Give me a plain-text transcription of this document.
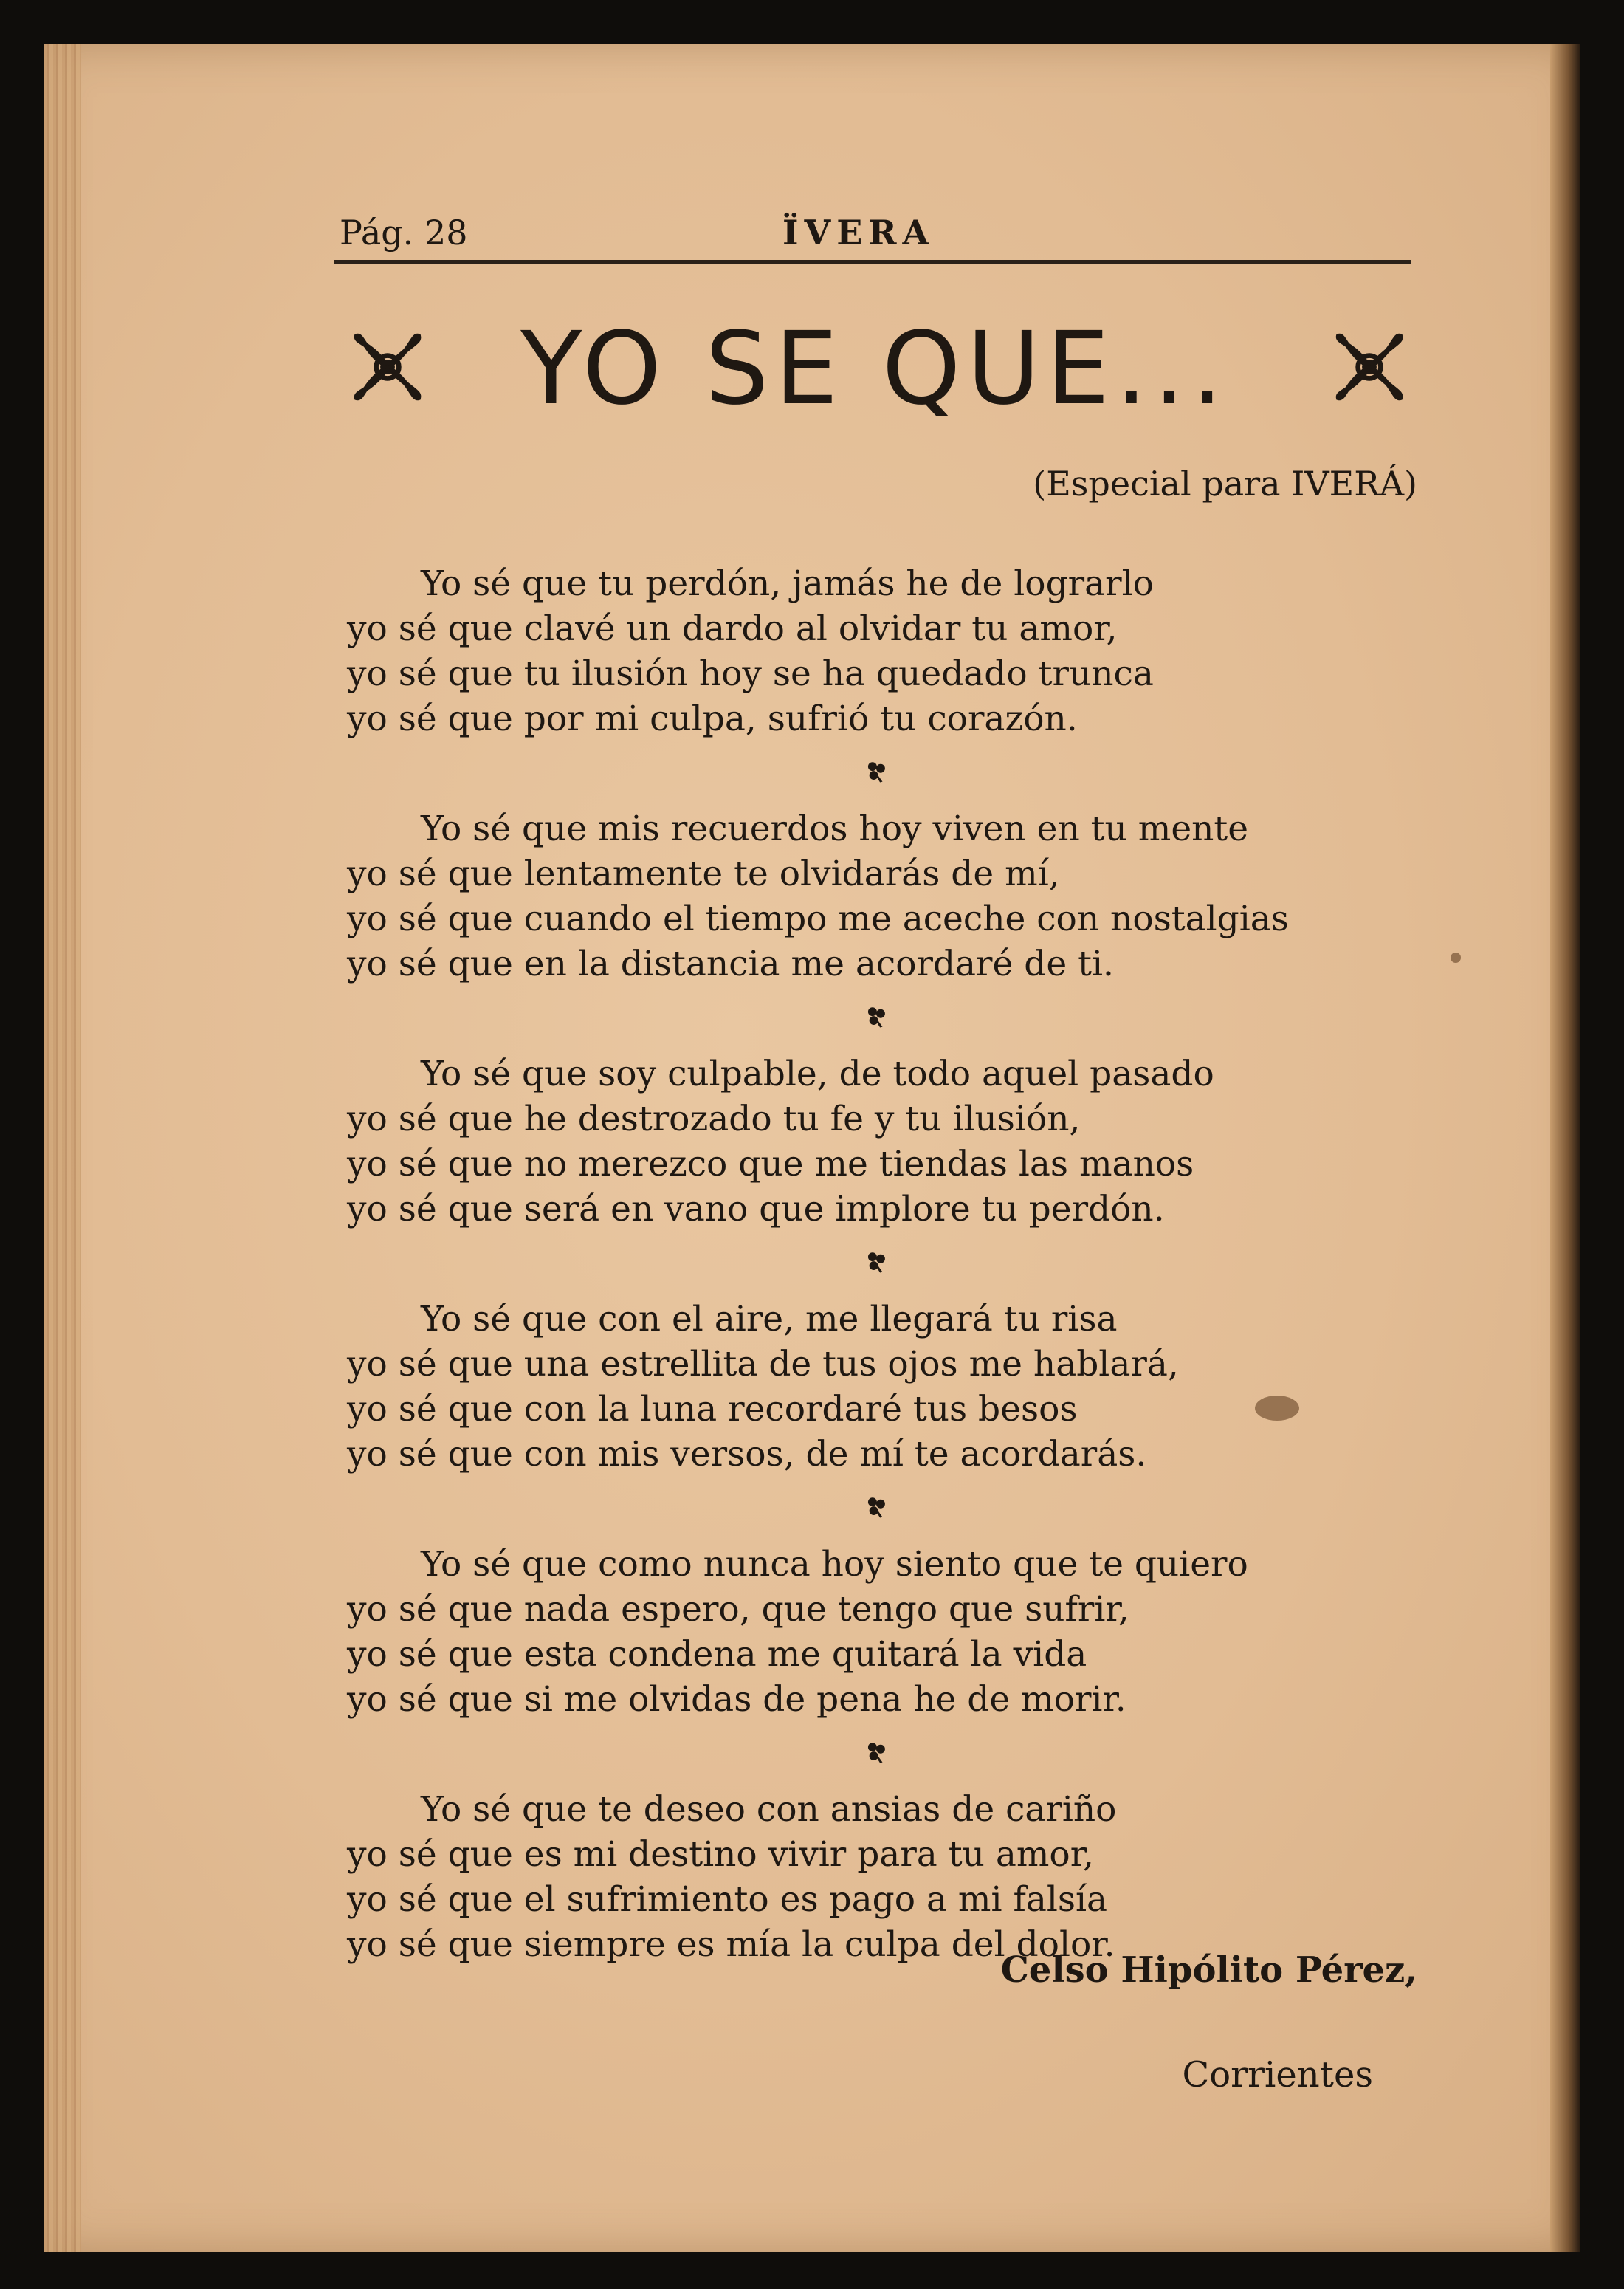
Pág. 28	ÏVERA
YO SE QUE...
(Especial para IVERÁ)
Yo sé que tu perdón, jamás he de lograrlo
yo sé que clavé un dardo al olvidar tu amor,
yo sé que tu ilusión hoy se ha quedado trunca
yo sé que por mi culpa, sufrió tu corazón.
Yo sé que mis recuerdos hoy viven en tu mente
yo sé que lentamente te olvidarás de mí,
yo sé que cuando el tiempo me aceche con nostalgias
yo sé que en la distancia me acordaré de ti.
Yo sé que soy culpable, de todo aquel pasado
yo sé que he destrozado tu fe y tu ilusión,
yo sé que no merezco que me tiendas las manos
yo sé que será en vano que implore tu perdón.
Yo sé que con el aire, me llegará tu risa
yo sé que una estrellita de tus ojos me hablará,
yo sé que con la luna recordaré tus besos
yo sé que con mis versos, de mí te acordarás.
Yo sé que como nunca hoy siento que te quiero
yo sé que nada espero, que tengo que sufrir,
yo sé que esta condena me quitará la vida
yo sé que si me olvidas de pena he de morir.
Yo sé que te deseo con ansias de cariño
yo sé que es mi destino vivir para tu amor,
yo sé que el sufrimiento es pago a mi falsía
yo sé que siempre es mía la culpa del dolor.
Celso Hipólito Pérez,
Corrientes
